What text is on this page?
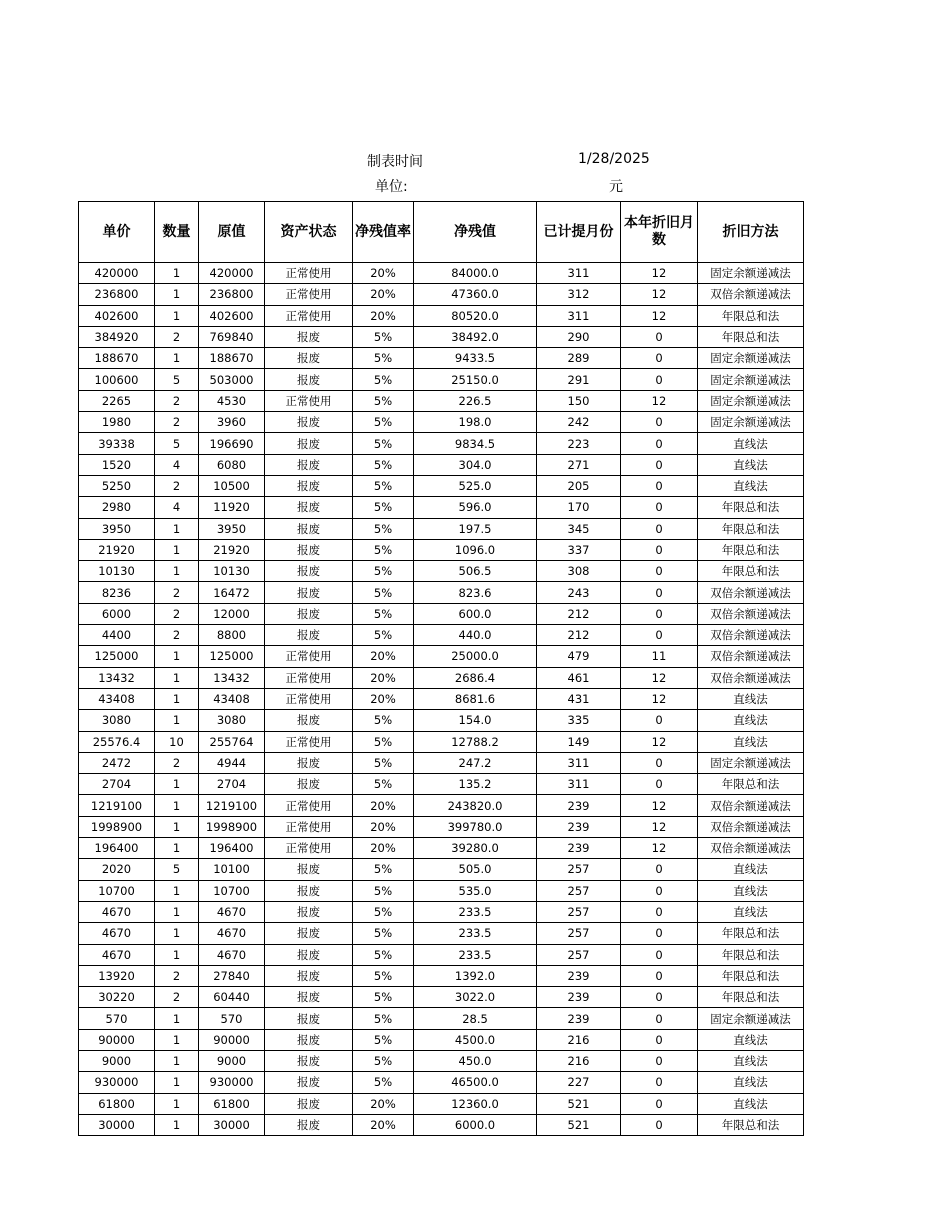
制表时间	1/28/2025
单位:	元
单价	数量	原值	资产状态	净残值率	净残值	已计提月份	本年折旧月数	折旧方法
420000	1	420000	正常使用	20%	84000.0	311	12	固定余额递减法
236800	1	236800	正常使用	20%	47360.0	312	12	双倍余额递减法
402600	1	402600	正常使用	20%	80520.0	311	12	年限总和法
384920	2	769840	报废	5%	38492.0	290	0	年限总和法
188670	1	188670	报废	5%	9433.5	289	0	固定余额递减法
100600	5	503000	报废	5%	25150.0	291	0	固定余额递减法
2265	2	4530	正常使用	5%	226.5	150	12	固定余额递减法
1980	2	3960	报废	5%	198.0	242	0	固定余额递减法
39338	5	196690	报废	5%	9834.5	223	0	直线法
1520	4	6080	报废	5%	304.0	271	0	直线法
5250	2	10500	报废	5%	525.0	205	0	直线法
2980	4	11920	报废	5%	596.0	170	0	年限总和法
3950	1	3950	报废	5%	197.5	345	0	年限总和法
21920	1	21920	报废	5%	1096.0	337	0	年限总和法
10130	1	10130	报废	5%	506.5	308	0	年限总和法
8236	2	16472	报废	5%	823.6	243	0	双倍余额递减法
6000	2	12000	报废	5%	600.0	212	0	双倍余额递减法
4400	2	8800	报废	5%	440.0	212	0	双倍余额递减法
125000	1	125000	正常使用	20%	25000.0	479	11	双倍余额递减法
13432	1	13432	正常使用	20%	2686.4	461	12	双倍余额递减法
43408	1	43408	正常使用	20%	8681.6	431	12	直线法
3080	1	3080	报废	5%	154.0	335	0	直线法
25576.4	10	255764	正常使用	5%	12788.2	149	12	直线法
2472	2	4944	报废	5%	247.2	311	0	固定余额递减法
2704	1	2704	报废	5%	135.2	311	0	年限总和法
1219100	1	1219100	正常使用	20%	243820.0	239	12	双倍余额递减法
1998900	1	1998900	正常使用	20%	399780.0	239	12	双倍余额递减法
196400	1	196400	正常使用	20%	39280.0	239	12	双倍余额递减法
2020	5	10100	报废	5%	505.0	257	0	直线法
10700	1	10700	报废	5%	535.0	257	0	直线法
4670	1	4670	报废	5%	233.5	257	0	直线法
4670	1	4670	报废	5%	233.5	257	0	年限总和法
4670	1	4670	报废	5%	233.5	257	0	年限总和法
13920	2	27840	报废	5%	1392.0	239	0	年限总和法
30220	2	60440	报废	5%	3022.0	239	0	年限总和法
570	1	570	报废	5%	28.5	239	0	固定余额递减法
90000	1	90000	报废	5%	4500.0	216	0	直线法
9000	1	9000	报废	5%	450.0	216	0	直线法
930000	1	930000	报废	5%	46500.0	227	0	直线法
61800	1	61800	报废	20%	12360.0	521	0	直线法
30000	1	30000	报废	20%	6000.0	521	0	年限总和法
